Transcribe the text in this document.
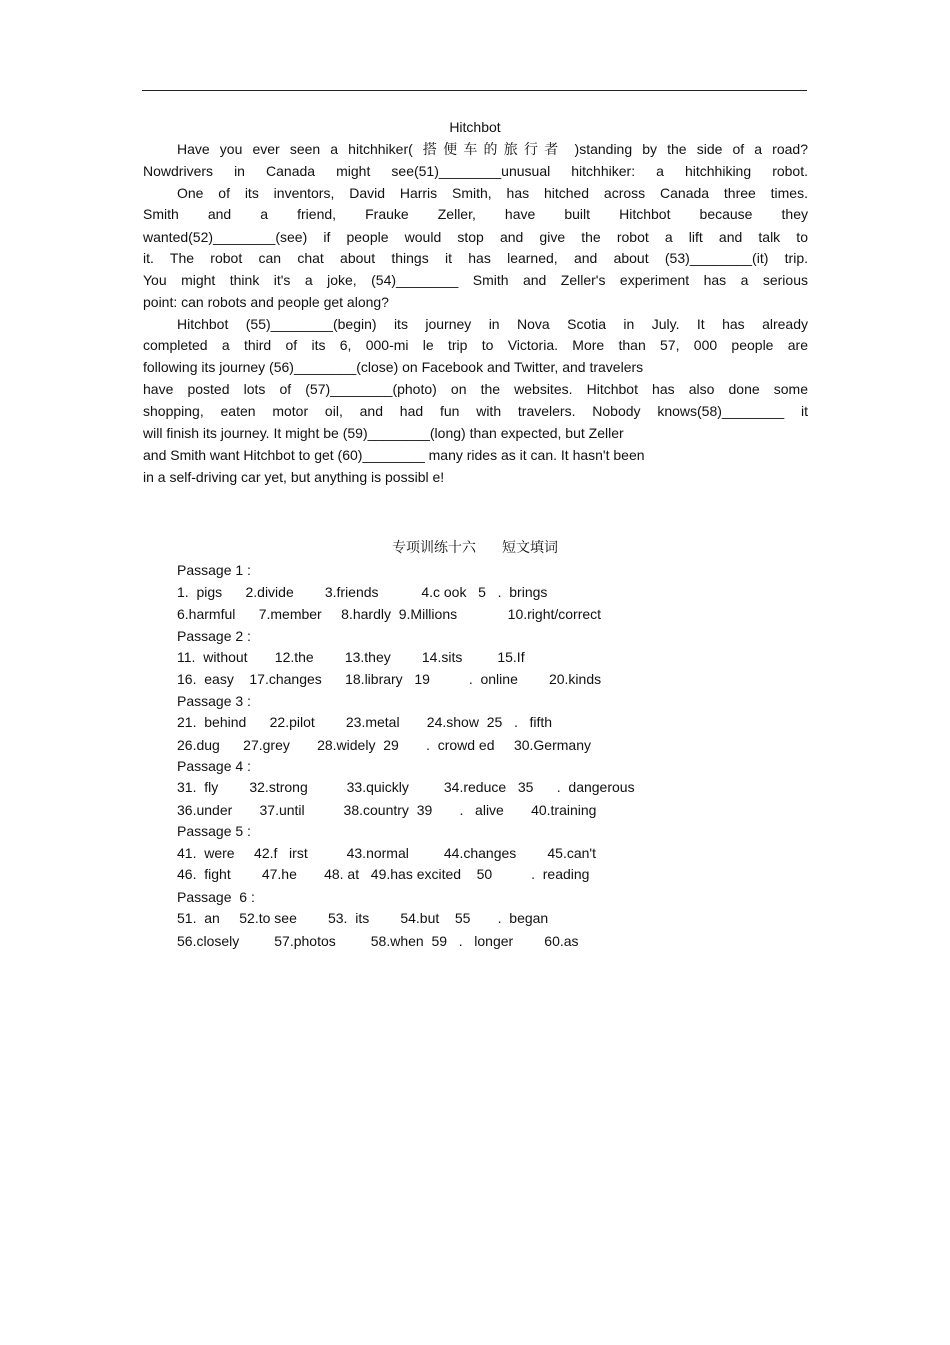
Hitchbot
Have you ever seen a hitchhiker( 搭便车的旅行者 )standing by the side of a road?
Nowdrivers in Canada might see(51)________unusual hitchhiker: a hitchhiking robot.
One of its inventors, David Harris Smith, has hitched across Canada three times.
Smith and a friend, Frauke Zeller, have built Hitchbot because they
wanted(52)________(see) if people would stop and give the robot a lift and talk to
it. The robot can chat about things it has learned, and about (53)________(it) trip.
You might think it's a joke, (54)________ Smith and Zeller's experiment has a serious
point: can robots and people get along?
Hitchbot (55)________(begin) its journey in Nova Scotia in July. It has already
completed a third of its 6, 000-mi le trip to Victoria. More than 57, 000 people are
following its journey (56)________(close) on Facebook and Twitter, and travelers
have posted lots of (57)________(photo) on the websites. Hitchbot has also done some
shopping, eaten motor oil, and had fun with travelers. Nobody knows(58)________ it
will finish its journey. It might be (59)________(long) than expected, but Zeller
and Smith want Hitchbot to get (60)________ many rides as it can. It hasn't been
in a self-driving car yet, but anything is possibl e!
专项训练十六 短文填词
Passage 1 :
1.  pigs      2.divide        3.friends           4.c ook   5   .  brings
6.harmful      7.member     8.hardly  9.Millions             10.right/correct
Passage 2 :
11.  without       12.the        13.they        14.sits         15.If
16.  easy    17.changes      18.library   19          .  online        20.kinds
Passage 3 :
21.  behind      22.pilot        23.metal       24.show  25   .   fifth
26.dug      27.grey       28.widely  29       .  crowd ed     30.Germany
Passage 4 :
31.  fly        32.strong          33.quickly         34.reduce   35      .  dangerous
36.under       37.until          38.country  39       .   alive       40.training
Passage 5 :
41.  were     42.f   irst          43.normal         44.changes        45.can't
46.  fight        47.he       48. at   49.has excited    50          .  reading
Passage  6 :
51.  an     52.to see        53.  its        54.but    55       .  began
56.closely         57.photos         58.when  59   .   longer        60.as
